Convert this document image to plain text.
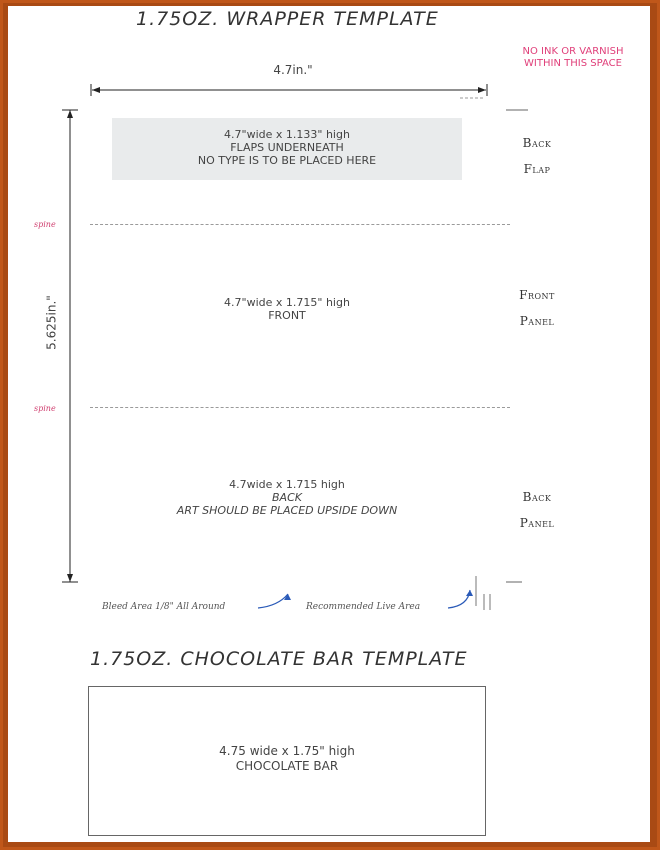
1.75OZ. WRAPPER TEMPLATE
NO INK OR VARNISH
WITHIN THIS SPACE
4.7in."
5.625in."
4.7"wide x 1.133" high
FLAPS UNDERNEATH
NO TYPE IS TO BE PLACED HERE
Back
Flap
spine
4.7"wide x 1.715" high
FRONT
Front
Panel
spine
4.7wide x 1.715 high
BACK
ART SHOULD BE PLACED UPSIDE DOWN
Back
Panel
Bleed Area 1/8" All Around	Recommended Live Area
1.75OZ. CHOCOLATE BAR TEMPLATE
4.75 wide x 1.75" high
CHOCOLATE BAR
